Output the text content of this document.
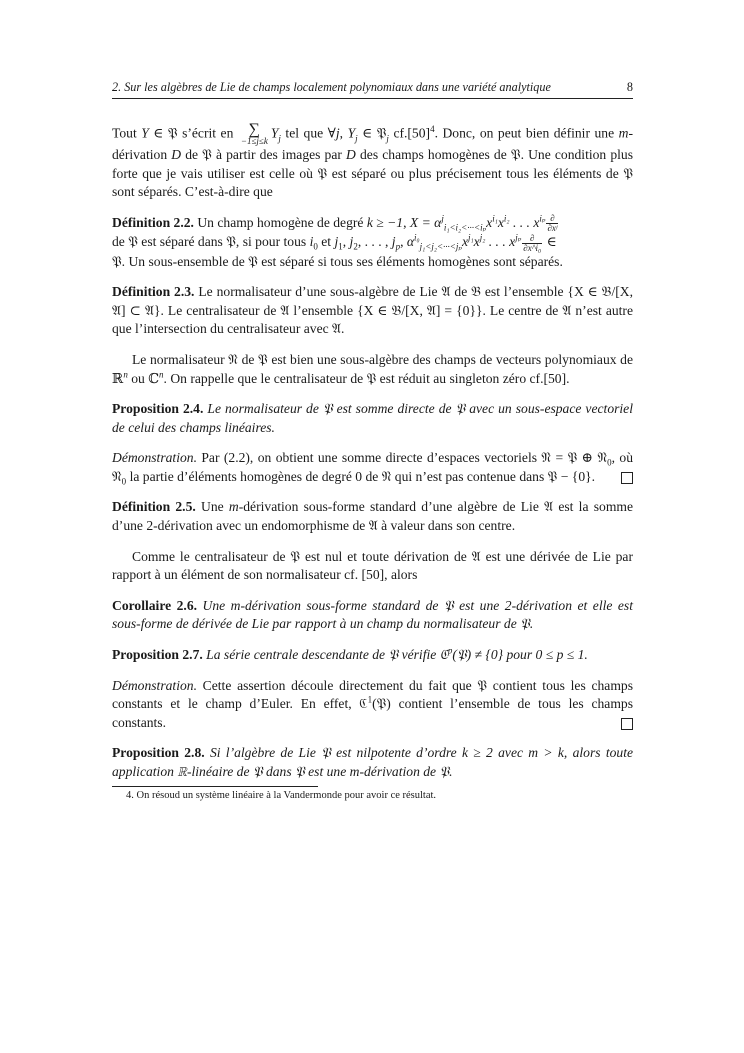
2. Sur les algèbres de Lie de champs localement polynomiaux dans une variété analytique	8

Tout Y ∈ 𝔓 s’écrit en ∑
−1≤j≤k
$Y_j$ tel que ∀j, $Y_j$ ∈ 𝔓$_j$ $cf.[50]^4$. Donc, on peut bien définir une m-dérivation D de 𝔓 à partir des images par D des champs homogènes de 𝔓. Une condition plus forte que je vais utiliser est celle où 𝔓 est séparé ou plus précisement tous les éléments de 𝔓 sont séparés. C’est-à-dire que

Définition 2.2. Un champ homogène de degré k ≥ −1, $X = \alpha^j_{i_1<i_2<\cdot\cdot\cdot<i_p}x^{i_1}x^{i_2}$ . . . $x^{i_p} \frac{\partial}{\text{∂xʲ}}$

de 𝔓 est séparé dans 𝔓, si pour tous $i_0$ et $j_1$, $j_2$, . . . , $j_p$, $\alpha^{i_0}_{j_1<j_2<\cdot\cdot\cdot<j_p}x^{j_1}x^{j_2}$ . . . $x^{j_p} \frac{\partial}{\text{∂x\textasciicircum{}i₀}}$ ∈
𝔓. Un sous-ensemble de 𝔓 est séparé si tous ses éléments homogènes sont séparés.

Définition 2.3. Le normalisateur d’une sous-algèbre de Lie 𝔄 de 𝔅 est l’ensemble {X ∈ 𝔅/[X, 𝔄] ⊂ 𝔄}. Le centralisateur de 𝔄 l’ensemble {X ∈ 𝔅/[X, 𝔄] = {0}}. Le centre de 𝔄 n’est autre que l’intersection du centralisateur avec 𝔄.

Le normalisateur 𝔑 de 𝔓 est bien une sous-algèbre des champs de vecteurs polynomiaux de ℝ$^n$ ou ℂ$^n$. On rappelle que le centralisateur de 𝔓 est réduit au singleton zéro cf.[50].

Proposition 2.4. Le normalisateur de 𝔓 est somme directe de 𝔓 avec un sous-espace vectoriel de celui des champs linéaires.

Démonstration. Par (2.2), on obtient une somme directe d’espaces vectoriels 𝔑 = 𝔓 ⊕ 𝔑$_0$, où 𝔑$_0$ la partie d’éléments homogènes de degré 0 de 𝔑 qui n’est pas contenue dans 𝔓 − {0}.

Définition 2.5. Une m-dérivation sous-forme standard d’une algèbre de Lie 𝔄 est la somme d’une 2-dérivation avec un endomorphisme de 𝔄 à valeur dans son centre.

Comme le centralisateur de 𝔓 est nul et toute dérivation de 𝔄 est une dérivée de Lie par rapport à un élément de son normalisateur cf. [50], alors

Corollaire 2.6. Une m-dérivation sous-forme standard de 𝔓 est une 2-dérivation et elle est sous-forme de dérivée de Lie par rapport à un champ du normalisateur de 𝔓.

Proposition 2.7. La série centrale descendante de 𝔓 vérifie ℭ$^p$(𝔓) ≠ {0} pour 0 ≤ p ≤ 1.

Démonstration. Cette assertion découle directement du fait que 𝔓 contient tous les champs constants et le champ d’Euler. En effet, ℭ$^1$(𝔓) contient l’ensemble de tous les champs constants.

Proposition 2.8. Si l’algèbre de Lie 𝔓 est nilpotente d’ordre k ≥ 2 avec m > k, alors toute application ℝ-linéaire de 𝔓 dans 𝔓 est une m-dérivation de 𝔓.

4. On résoud un système linéaire à la Vandermonde pour avoir ce résultat.
